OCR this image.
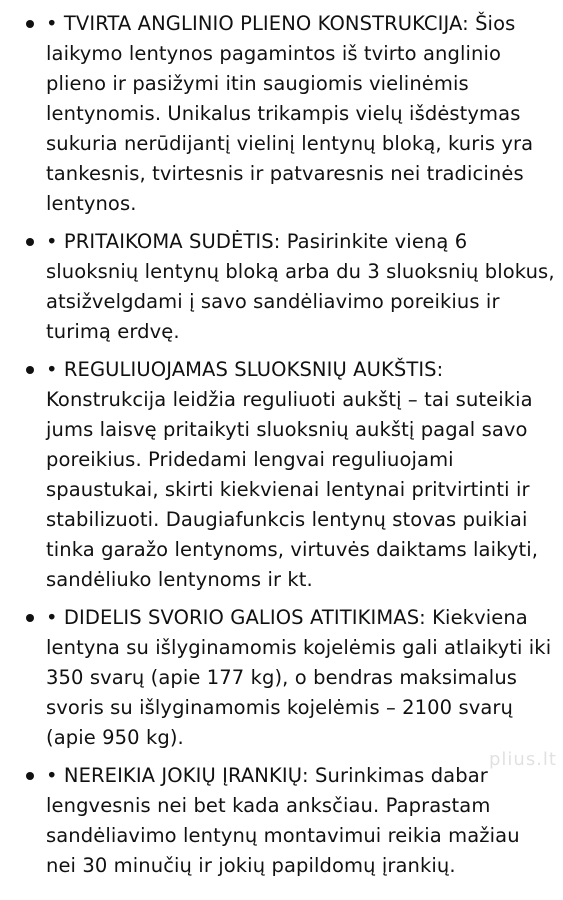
• TVIRTA ANGLINIO PLIENO KONSTRUKCIJA: Šios laikymo lentynos pagamintos iš tvirto anglinio plieno ir pasižymi itin saugiomis vielinėmis lentynomis. Unikalus trikampis vielų išdėstymas sukuria nerūdijantį vielinį lentynų bloką, kuris yra tankesnis, tvirtesnis ir patvaresnis nei tradicinės lentynos.
• PRITAIKOMA SUDĖTIS: Pasirinkite vieną 6 sluoksnių lentynų bloką arba du 3 sluoksnių blokus, atsižvelgdami į savo sandėliavimo poreikius ir turimą erdvę.
• REGULIUOJAMAS SLUOKSNIŲ AUKŠTIS: Konstrukcija leidžia reguliuoti aukštį – tai suteikia jums laisvę pritaikyti sluoksnių aukštį pagal savo poreikius. Pridedami lengvai reguliuojami spaustukai, skirti kiekvienai lentynai pritvirtinti ir stabilizuoti. Daugiafunkcis lentynų stovas puikiai tinka garažo lentynoms, virtuvės daiktams laikyti, sandėliuko lentynoms ir kt.
• DIDELIS SVORIO GALIOS ATITIKIMAS: Kiekviena lentyna su išlyginamomis kojelėmis gali atlaikyti iki 350 svarų (apie 177 kg), o bendras maksimalus svoris su išlyginamomis kojelėmis – 2100 svarų (apie 950 kg).
• NEREIKIA JOKIŲ ĮRANKIŲ: Surinkimas dabar lengvesnis nei bet kada anksčiau. Paprastam sandėliavimo lentynų montavimui reikia mažiau nei 30 minučių ir jokių papildomų įrankių.
plius.lt
